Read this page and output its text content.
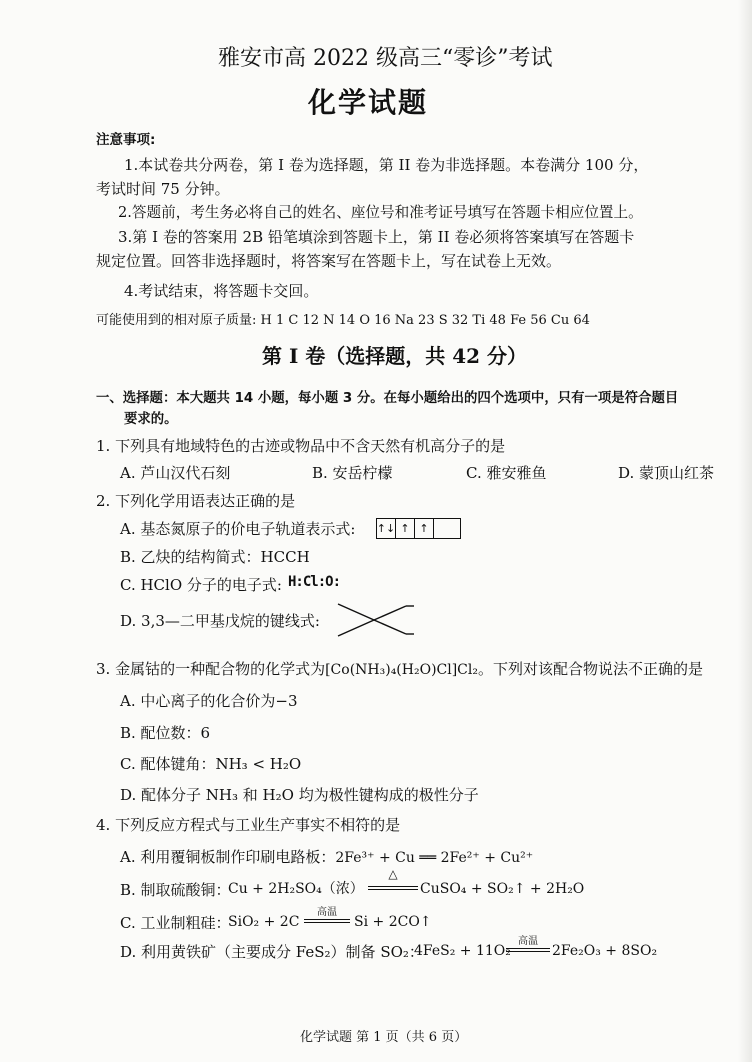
雅安市高 2022 级高三“零诊”考试
化学试题
注意事项:
1.本试卷共分两卷，第 I 卷为选择题，第 II 卷为非选择题。本卷满分 100 分，
考试时间 75 分钟。
2.答题前，考生务必将自己的姓名、座位号和准考证号填写在答题卡相应位置上。
3.第 I 卷的答案用 2B 铅笔填涂到答题卡上，第 II 卷必须将答案填写在答题卡
规定位置。回答非选择题时，将答案写在答题卡上，写在试卷上无效。
4.考试结束，将答题卡交回。
可能使用到的相对原子质量: H 1 C 12 N 14 O 16 Na 23 S 32 Ti 48 Fe 56 Cu 64
第 I 卷（选择题，共 42 分）
一、选择题：本大题共 14 小题，每小题 3 分。在每小题给出的四个选项中，只有一项是符合题目
要求的。
1. 下列具有地域特色的古迹或物品中不含天然有机高分子的是
A. 芦山汉代石刻	B. 安岳柠檬	C. 雅安雅鱼	D. 蒙顶山红茶
2. 下列化学用语表达正确的是
A. 基态氮原子的价电子轨道表示式: ↑↓ ↑ ↑
B. 乙炔的结构简式：HCCH
C. HClO 分子的电子式: H:Cl:O:
D. 3,3—二甲基戊烷的键线式:
3. 金属钴的一种配合物的化学式为[Co(NH₃)₄(H₂O)Cl]Cl₂。下列对该配合物说法不正确的是
A. 中心离子的化合价为−3
B. 配位数：6
C. 配体键角：NH₃ < H₂O
D. 配体分子 NH₃ 和 H₂O 均为极性键构成的极性分子
4. 下列反应方程式与工业生产事实不相符的是
A. 利用覆铜板制作印刷电路板：2Fe³⁺ + Cu ══ 2Fe²⁺ + Cu²⁺
B. 制取硫酸铜：
Cu + 2H₂SO₄（浓）
△
CuSO₄ + SO₂↑ + 2H₂O
C. 工业制粗硅：
SiO₂ + 2C
高温
Si + 2CO↑
D. 利用黄铁矿（主要成分 FeS₂）制备 SO₂：
4FeS₂ + 11O₂
高温
2Fe₂O₃ + 8SO₂
化学试题 第 1 页（共 6 页）
